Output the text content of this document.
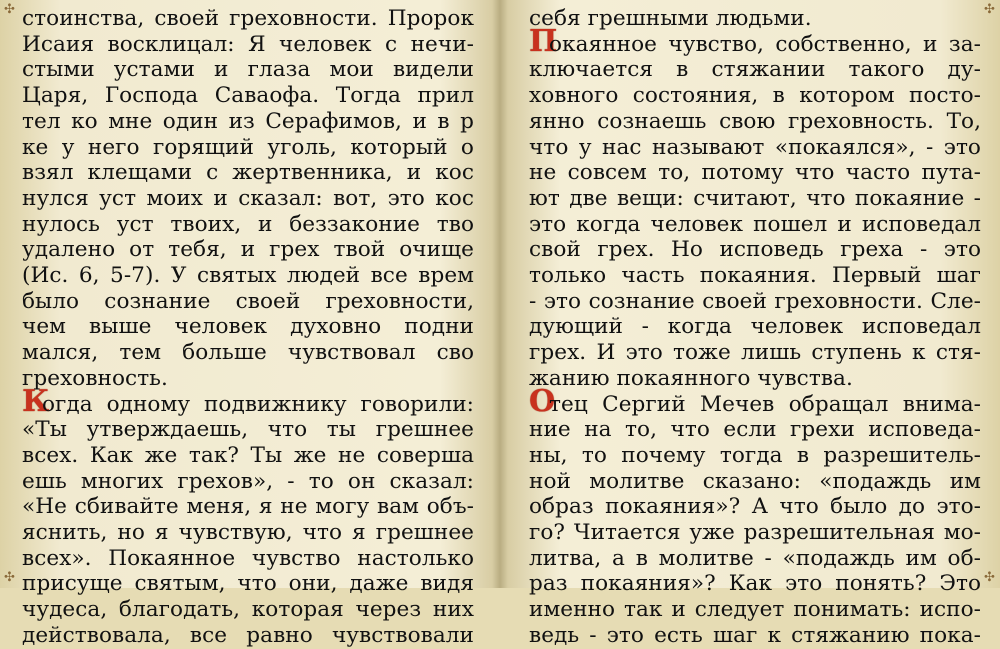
стоинства, своей греховности. Пророк
Исаия восклицал: Я человек с нечи-
стыми устами и глаза мои видели
Царя, Господа Саваофа. Тогда прил
тел ко мне один из Серафимов, и в р
ке у него горящий уголь, который о
взял клещами с жертвенника, и кос
нулся уст моих и сказал: вот, это кос
нулось уст твоих, и беззаконие тво
удалено от тебя, и грех твой очище
(Ис. 6, 5-7). У святых людей все врем
было сознание своей греховности,
чем выше человек духовно подни
мался, тем больше чувствовал сво
греховность.
Когда одному подвижнику говорили:
«Ты утверждаешь, что ты грешнее
всех. Как же так? Ты же не соверша
ешь многих грехов», - то он сказал:
«Не сбивайте меня, я не могу вам объ-
яснить, но я чувствую, что я грешнее
всех». Покаянное чувство настолько
присуще святым, что они, даже видя
чудеса, благодать, которая через них
действовала, все равно чувствовали
себя грешными людьми.
Покаянное чувство, собственно, и за-
ключается в стяжании такого ду-
ховного состояния, в котором посто-
янно сознаешь свою греховность. То,
что у нас называют «покаялся», - это
не совсем то, потому что часто пута-
ют две вещи: считают, что покаяние -
это когда человек пошел и исповедал
свой грех. Но исповедь греха - это
только часть покаяния. Первый шаг
- это сознание своей греховности. Сле-
дующий - когда человек исповедал
грех. И это тоже лишь ступень к стя-
жанию покаянного чувства.
Отец Сергий Мечев обращал внима-
ние на то, что если грехи исповеда-
ны, то почему тогда в разрешитель-
ной молитве сказано: «подаждь им
образ покаяния»? А что было до это-
го? Читается уже разрешительная мо-
литва, а в молитве - «подаждь им об-
раз покаяния»? Как это понять? Это
именно так и следует понимать: испо-
ведь - это есть шаг к стяжанию пока-
✣	✣
✣	✣
